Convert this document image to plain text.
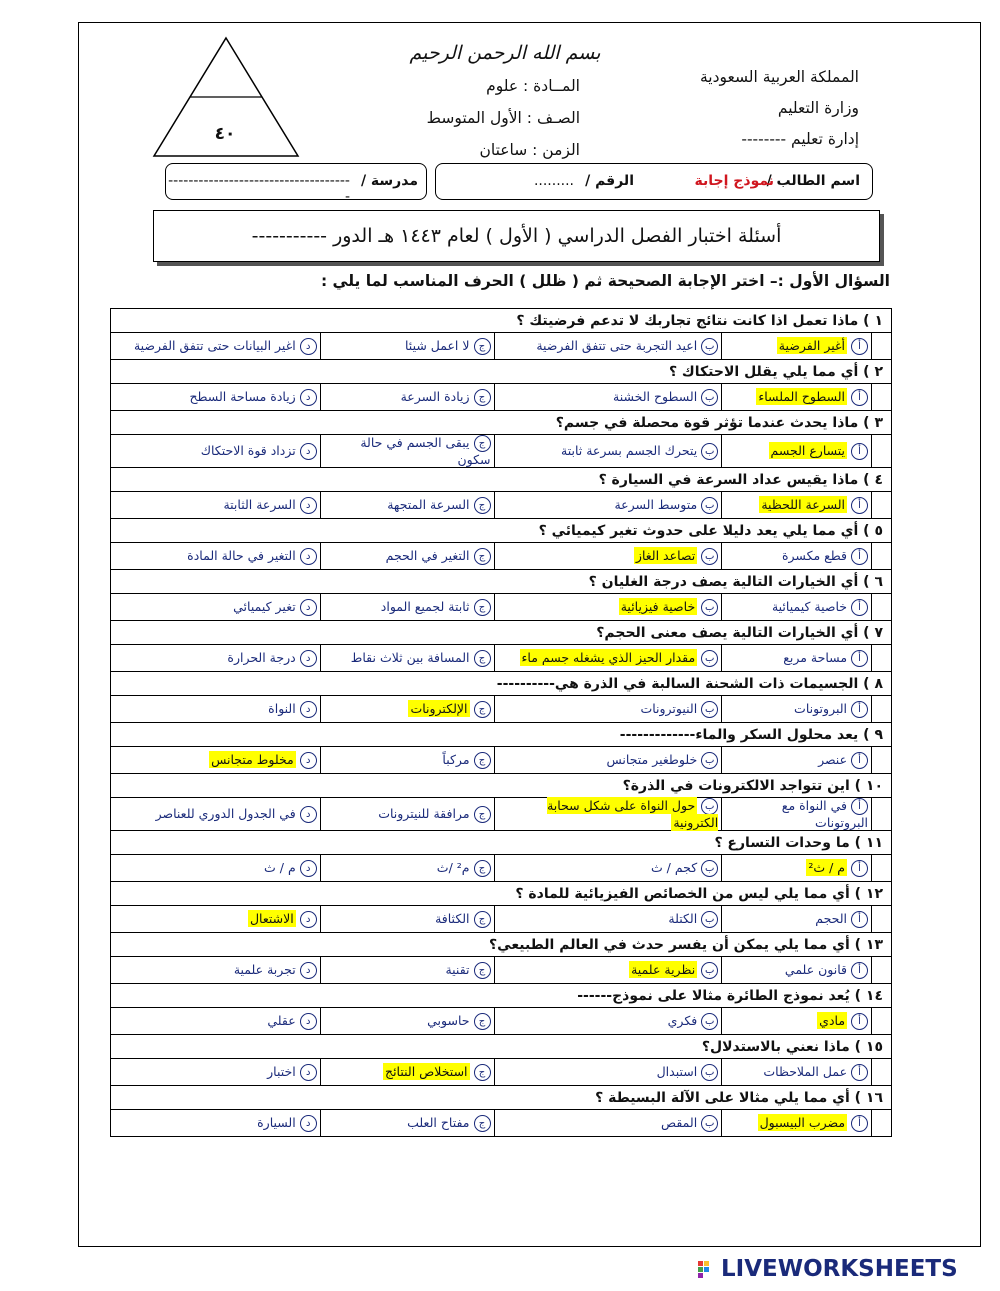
بسم الله الرحمن الرحيم
المملكة العربية السعودية
وزارة التعليم
إدارة تعليم --------
المــادة : علوم
الصـف : الأول المتوسط
الزمن : ساعتان
٤٠
اسم الطالب /
نموذج إجابة
الرقم /
.........
مدرسة /
-------------------------------------
أسئلة اختبار الفصل الدراسي ( الأول ) لعام ١٤٤٣ هـ الدور -----------
السؤال الأول :– اختر الإجابة الصحيحة ثم ( ظلل ) الحرف المناسب لما يلي :
١ ) ماذا تعمل اذا كانت نتائج تجاربك لا تدعم فرضيتك ؟				
	أأغير الفرضية	باعيد التجربة حتى تتفق الفرضية	جلا اعمل شيئا	داغير البيانات حتى تتفق الفرضية
٢ ) أي مما يلي يقلل الاحتكاك ؟				
	أالسطوح الملساء	بالسطوح الخشنة	جزيادة السرعة	دزيادة مساحة السطح
٣ ) ماذا يحدث عندما تؤثر قوة محصلة في جسم؟				
	أيتسارع الجسم	بيتحرك الجسم بسرعة ثابتة	جيبقى الجسم في حالة سكون	دتزداد قوة الاحتكاك
٤ ) ماذا يقيس عداد السرعة في السيارة ؟				
	أالسرعة اللحظية	بمتوسط السرعة	جالسرعة المتجهة	دالسرعة الثابتة
٥ ) أي مما يلي يعد دليلا على حدوث تغير كيميائي ؟				
	أقطع مكسرة	بتصاعد الغاز	جالتغير في الحجم	دالتغير في حالة المادة
٦ ) أي الخيارات التالية يصف درجة الغليان ؟				
	أخاصية كيميائية	بخاصية فيزيائية	جثابتة لجميع المواد	دتغير كيميائي
٧ ) أي الخيارات التالية يصف معنى الحجم؟				
	أمساحة مربع	بمقدار الحيز الذي يشغله جسم ماء	جالمسافة بين ثلاث نقاط	ددرجة الحرارة
٨ ) الجسيمات ذات الشحنة السالبة في الذرة هي----------				
	أالبروتونات	بالنيوترونات	جالإلكترونات	دالنواة
٩ ) يعد محلول السكر والماء-------------				
	أعنصر	بخلوطغير متجانس	جمركباً	دمخلوط متجانس
١٠ ) اين تتواجد الالكترونات في الذرة؟				
	أفي النواة مع البروتونات	بحول النواة على شكل سحابة الكترونية	جمرافقة للنيترونات	دفي الجدول الدوري للعناصر
١١ ) ما وحدات التسارع ؟				
	أم / ث²	بكجم / ث	جم² /ث	دم / ث
١٢ ) أي مما يلي ليس من الخصائص الفيزيائية للمادة ؟				
	أالحجم	بالكتلة	جالكثافة	دالاشتعال
١٣ ) أي مما يلي يمكن أن يفسر حدث في العالم الطبيعي؟				
	أقانون علمي	بنظرية علمية	جتقنية	دتجربة علمية
١٤ ) يُعد نموذج الطائرة مثالا على نموذج------				
	أمادي	بفكري	جحاسوبي	دعقلي
١٥ ) ماذا نعني بالاستدلال؟				
	أعمل الملاحظات	باستبدال	جاستخلاص النتائج	داختبار
١٦ ) أي مما يلي مثالا على الآلة البسيطة ؟				
	أمضرب البيسبول	بالمقص	جمفتاح العلب	دالسيارة
LIVEWORKSHEETS
